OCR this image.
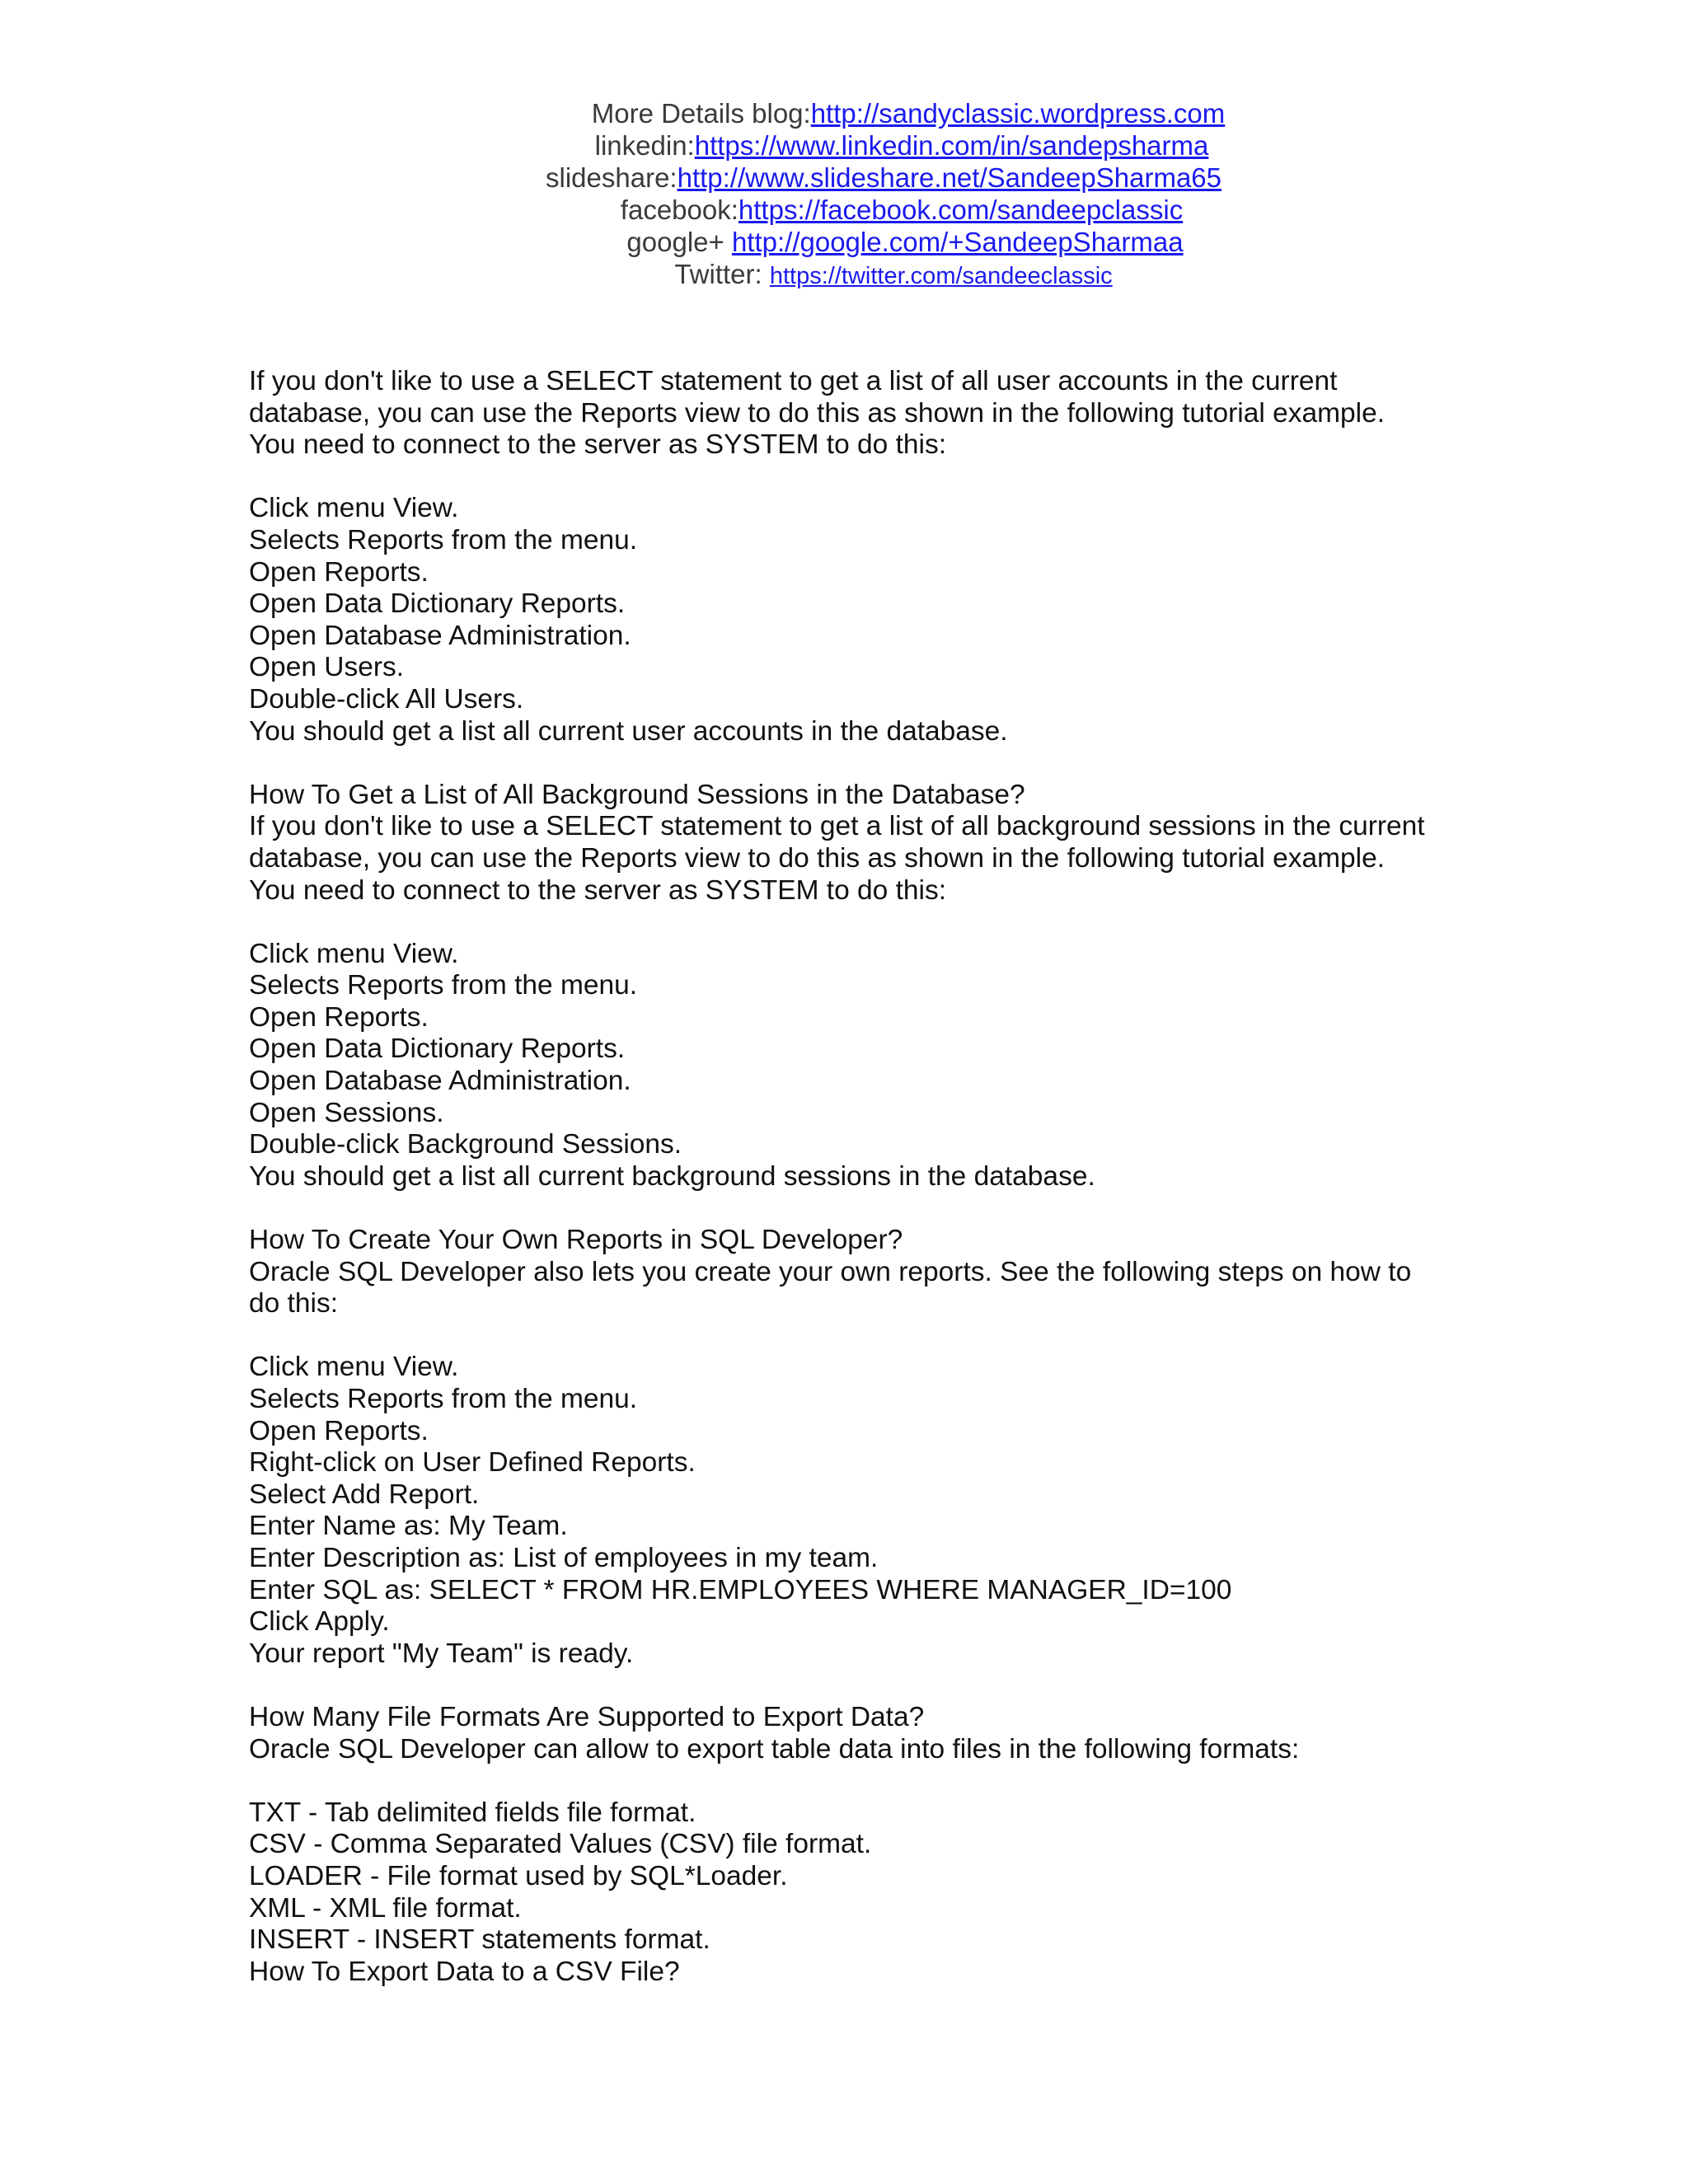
More Details blog:http://sandyclassic.wordpress.com
linkedin:https://www.linkedin.com/in/sandepsharma
slideshare:http://www.slideshare.net/SandeepSharma65
facebook:https://facebook.com/sandeepclassic
google+ http://google.com/+SandeepSharmaa
Twitter: https://twitter.com/sandeeclassic
If you don't like to use a SELECT statement to get a list of all user accounts in the current
database, you can use the Reports view to do this as shown in the following tutorial example.
You need to connect to the server as SYSTEM to do this:
Click menu View.
Selects Reports from the menu.
Open Reports.
Open Data Dictionary Reports.
Open Database Administration.
Open Users.
Double-click All Users.
You should get a list all current user accounts in the database.
How To Get a List of All Background Sessions in the Database?
If you don't like to use a SELECT statement to get a list of all background sessions in the current
database, you can use the Reports view to do this as shown in the following tutorial example.
You need to connect to the server as SYSTEM to do this:
Click menu View.
Selects Reports from the menu.
Open Reports.
Open Data Dictionary Reports.
Open Database Administration.
Open Sessions.
Double-click Background Sessions.
You should get a list all current background sessions in the database.
How To Create Your Own Reports in SQL Developer?
Oracle SQL Developer also lets you create your own reports. See the following steps on how to
do this:
Click menu View.
Selects Reports from the menu.
Open Reports.
Right-click on User Defined Reports.
Select Add Report.
Enter Name as: My Team.
Enter Description as: List of employees in my team.
Enter SQL as: SELECT * FROM HR.EMPLOYEES WHERE MANAGER_ID=100
Click Apply.
Your report "My Team" is ready.
How Many File Formats Are Supported to Export Data?
Oracle SQL Developer can allow to export table data into files in the following formats:
TXT - Tab delimited fields file format.
CSV - Comma Separated Values (CSV) file format.
LOADER - File format used by SQL*Loader.
XML - XML file format.
INSERT - INSERT statements format.
How To Export Data to a CSV File?
